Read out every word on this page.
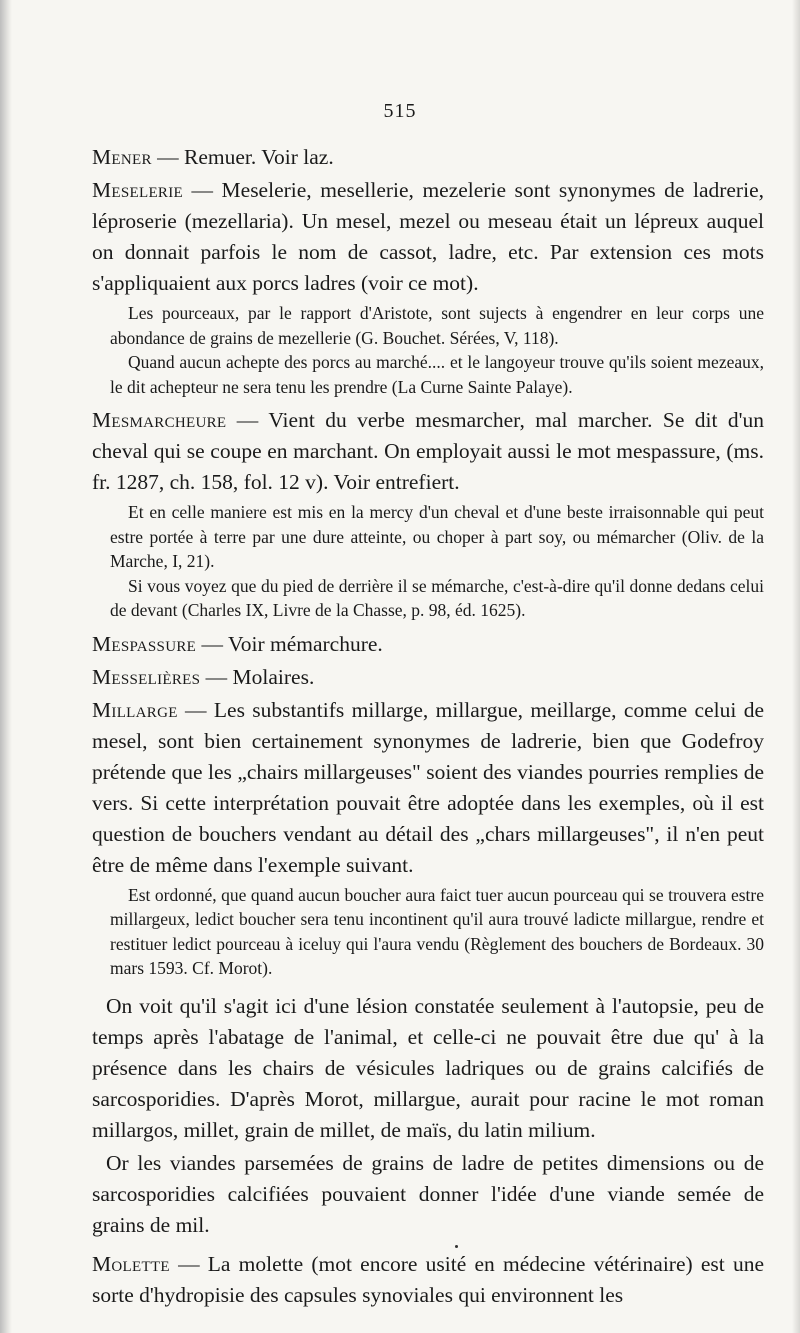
515

Mener — Remuer. Voir laz.

Meselerie — Meselerie, mesellerie, mezelerie sont synonymes de ladrerie, léproserie (mezellaria). Un mesel, mezel ou meseau était un lépreux auquel on donnait parfois le nom de cassot, ladre, etc. Par extension ces mots s'appliquaient aux porcs ladres (voir ce mot).

Les pourceaux, par le rapport d'Aristote, sont sujects à engendrer en leur corps une abondance de grains de mezellerie (G. Bouchet. Sérées, V, 118).

Quand aucun achepte des porcs au marché.... et le langoyeur trouve qu'ils soient mezeaux, le dit achepteur ne sera tenu les prendre (La Curne Sainte Palaye).

Mesmarcheure — Vient du verbe mesmarcher, mal marcher. Se dit d'un cheval qui se coupe en marchant. On employait aussi le mot mespassure, (ms. fr. 1287, ch. 158, fol. 12 v). Voir entrefiert.

Et en celle maniere est mis en la mercy d'un cheval et d'une beste irraisonnable qui peut estre portée à terre par une dure atteinte, ou choper à part soy, ou mémarcher (Oliv. de la Marche, I, 21).

Si vous voyez que du pied de derrière il se mémarche, c'est-à-dire qu'il donne dedans celui de devant (Charles IX, Livre de la Chasse, p. 98, éd. 1625).

Mespassure — Voir mémarchure.

Messelières — Molaires.

Millarge — Les substantifs millarge, millargue, meillarge, comme celui de mesel, sont bien certainement synonymes de ladrerie, bien que Godefroy prétende que les „chairs millargeuses" soient des viandes pourries remplies de vers. Si cette interprétation pouvait être adoptée dans les exemples, où il est question de bouchers vendant au détail des „chars millargeuses", il n'en peut être de même dans l'exemple suivant.

Est ordonné, que quand aucun boucher aura faict tuer aucun pourceau qui se trouvera estre millargeux, ledict boucher sera tenu incontinent qu'il aura trouvé ladicte millargue, rendre et restituer ledict pourceau à iceluy qui l'aura vendu (Règlement des bouchers de Bordeaux. 30 mars 1593. Cf. Morot).

On voit qu'il s'agit ici d'une lésion constatée seulement à l'autopsie, peu de temps après l'abatage de l'animal, et celle-ci ne pouvait être due qu' à la présence dans les chairs de vésicules ladriques ou de grains calcifiés de sarcosporidies. D'après Morot, millargue, aurait pour racine le mot roman millargos, millet, grain de millet, de maïs, du latin milium.

Or les viandes parsemées de grains de ladre de petites dimensions ou de sarcosporidies calcifiées pouvaient donner l'idée d'une viande semée de grains de mil.

Molette — La molette (mot encore usité en médecine vétérinaire) est une sorte d'hydropisie des capsules synoviales qui environnent les
